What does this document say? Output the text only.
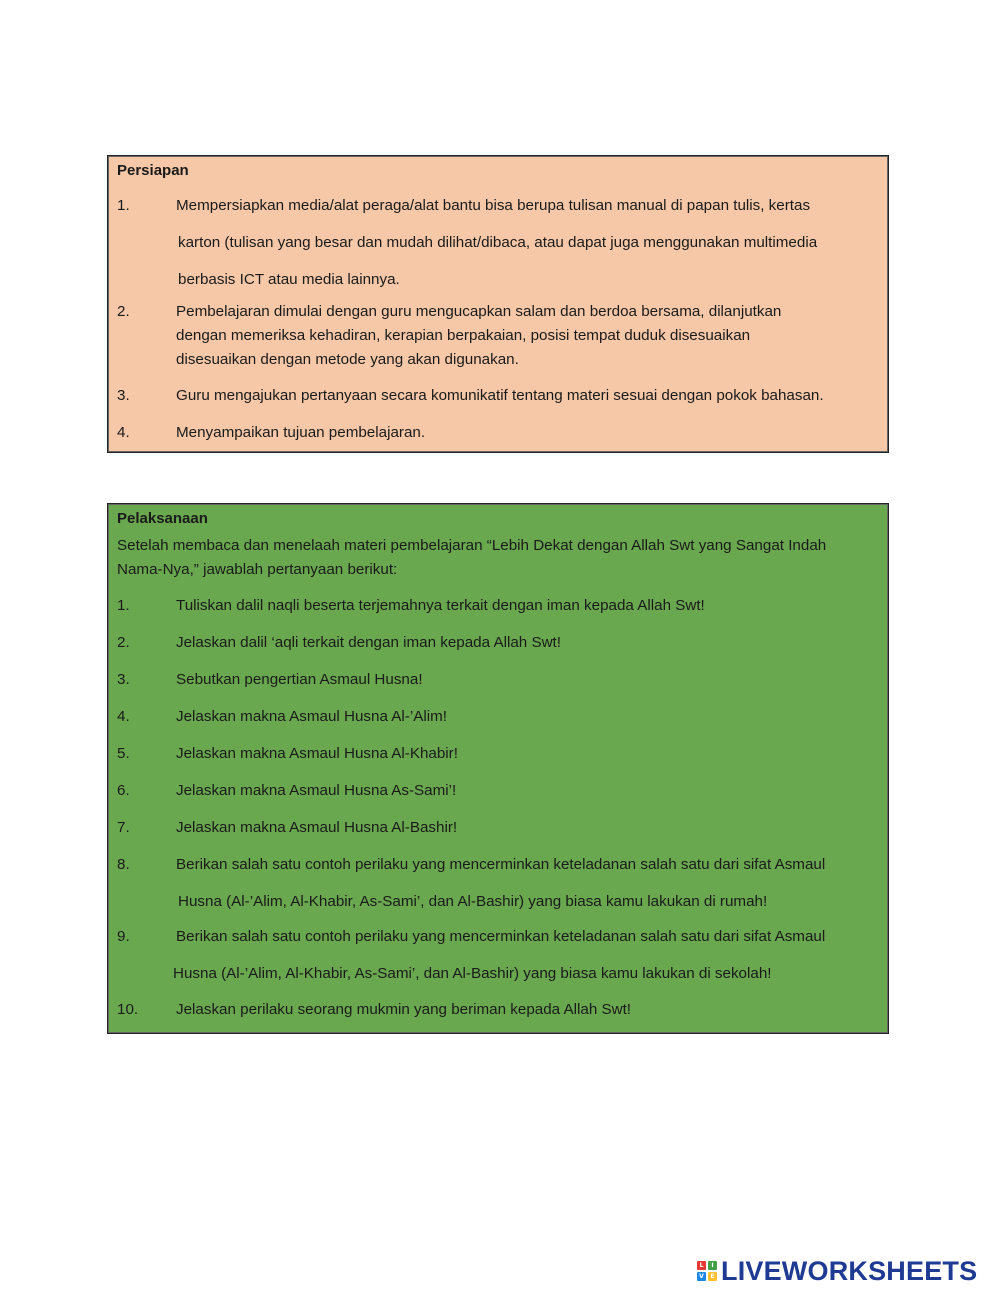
Persiapan

1.	Mempersiapkan media/alat peraga/alat bantu bisa berupa tulisan manual di papan tulis, kertas
karton (tulisan yang besar dan mudah dilihat/dibaca, atau dapat juga menggunakan multimedia
berbasis ICT atau media lainnya.
2.	Pembelajaran dimulai dengan guru mengucapkan salam dan berdoa bersama, dilanjutkan
dengan memeriksa kehadiran, kerapian berpakaian, posisi tempat duduk disesuaikan
disesuaikan dengan metode yang akan digunakan.
3.	Guru mengajukan pertanyaan secara komunikatif tentang materi sesuai dengan pokok bahasan.
4.	Menyampaikan tujuan pembelajaran.

Pelaksanaan

Setelah membaca dan menelaah materi pembelajaran “Lebih Dekat dengan Allah Swt yang Sangat Indah
Nama-Nya,” jawablah pertanyaan berikut:
1.	Tuliskan dalil naqli beserta terjemahnya terkait dengan iman kepada Allah Swt!
2.	Jelaskan dalil ‘aqli terkait dengan iman kepada Allah Swt!
3.	Sebutkan pengertian Asmaul Husna!
4.	Jelaskan makna Asmaul Husna Al-’Alim!
5.	Jelaskan makna Asmaul Husna Al-Khabir!
6.	Jelaskan makna Asmaul Husna As-Sami’!
7.	Jelaskan makna Asmaul Husna Al-Bashir!
8.	Berikan salah satu contoh perilaku yang mencerminkan keteladanan salah satu dari sifat Asmaul
Husna (Al-’Alim, Al-Khabir, As-Sami’, dan Al-Bashir) yang biasa kamu lakukan di rumah!
9.	Berikan salah satu contoh perilaku yang mencerminkan keteladanan salah satu dari sifat Asmaul
Husna (Al-’Alim, Al-Khabir, As-Sami’, dan Al-Bashir) yang biasa kamu lakukan di sekolah!
10.	Jelaskan perilaku seorang mukmin yang beriman kepada Allah Swt!
L	I
V	E LIVEWORKSHEETS
